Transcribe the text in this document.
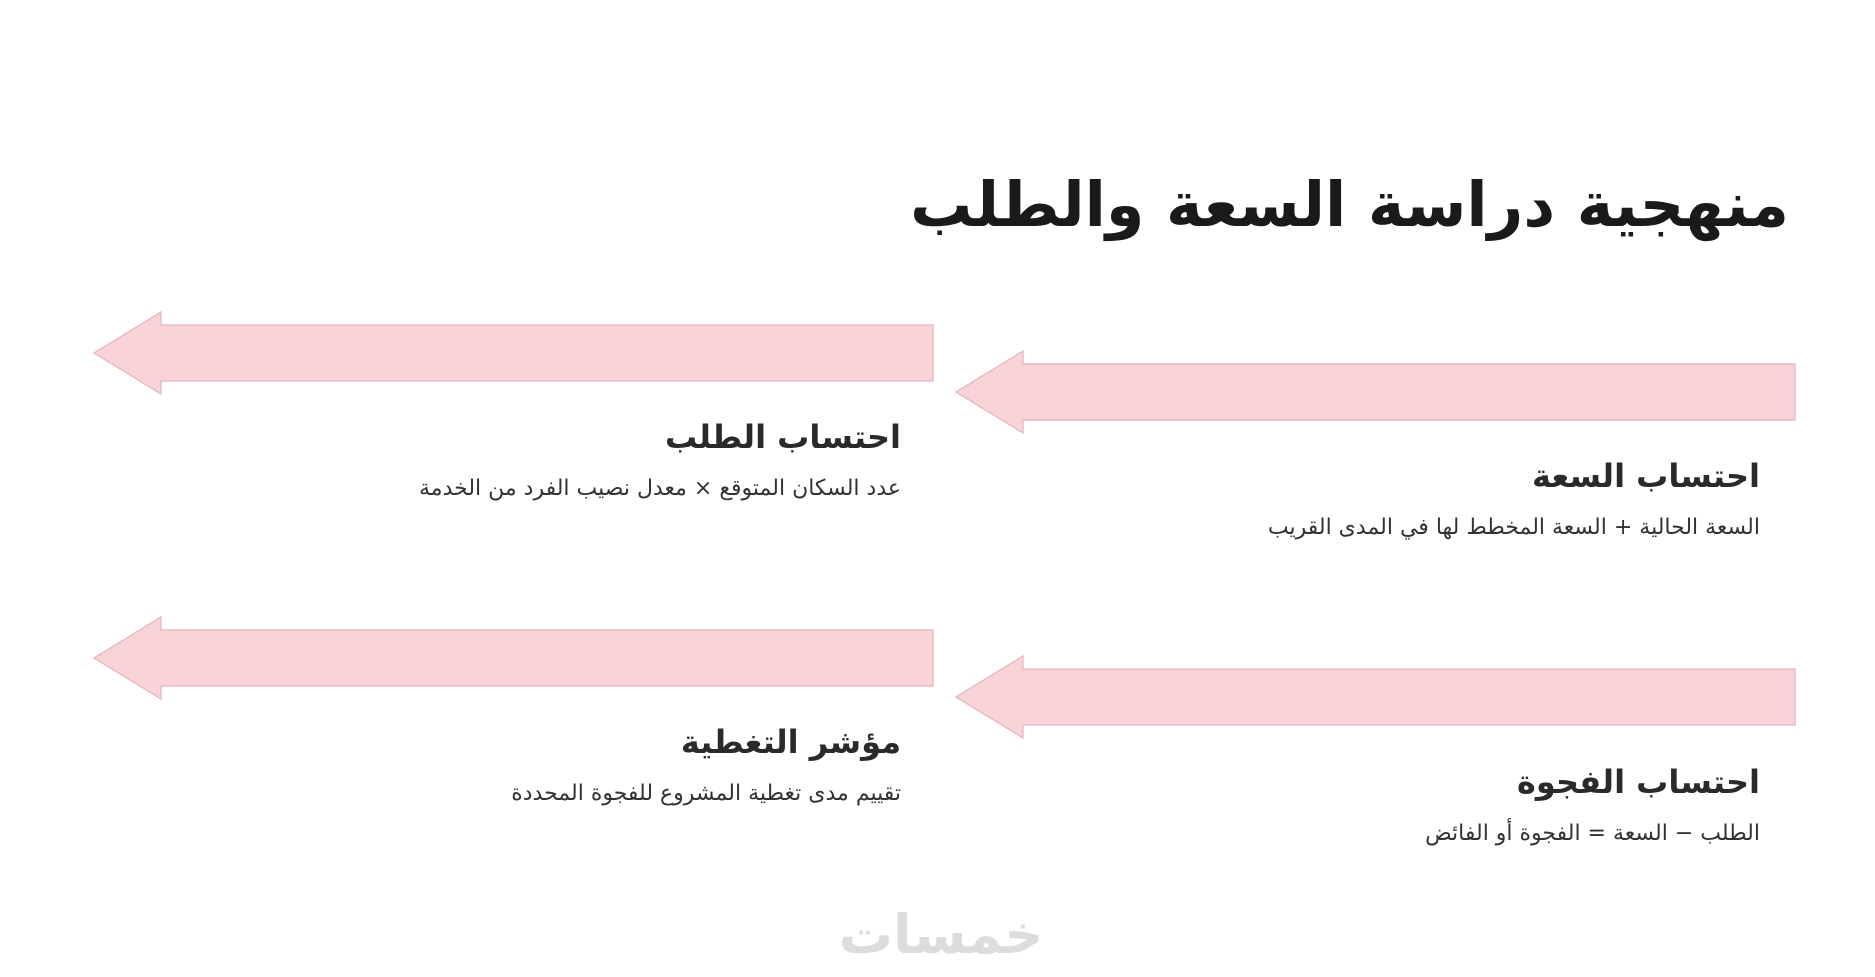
منهجية دراسة السعة والطلب
احتساب الطلب

عدد السكان المتوقع × معدل نصيب الفرد من الخدمة	احتساب السعة

السعة الحالية + السعة المخطط لها في المدى القريب

مؤشر التغطية

تقييم مدى تغطية المشروع للفجوة المحددة	احتساب الفجوة

الطلب − السعة = الفجوة أو الفائض

خمسات
